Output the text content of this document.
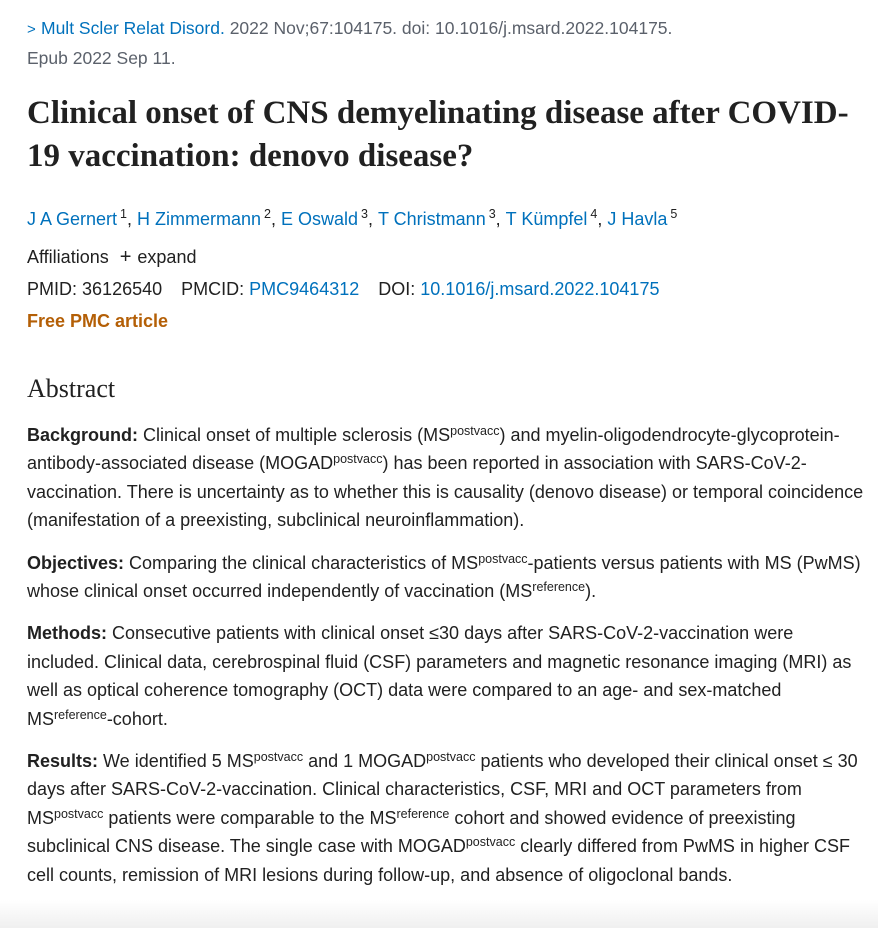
> Mult Scler Relat Disord. 2022 Nov;67:104175. doi: 10.1016/j.msard.2022.104175.
Epub 2022 Sep 11.
Clinical onset of CNS demyelinating disease after COVID-19 vaccination: denovo disease?
J A Gernert $^1$, H Zimmermann $^2$, E Oswald $^3$, T Christmann $^3$, T Kümpfel $^4$, J Havla $^5$
Affiliations + expand
PMID: 36126540 PMCID: PMC9464312 DOI: 10.1016/j.msard.2022.104175
Free PMC article
Abstract

Background: Clinical onset of multiple sclerosis $(MS^{postvacc})$ and myelin-oligodendrocyte-glycoprotein-antibody-associated disease $(MOGAD^{postvacc})$ has been reported in association with SARS-CoV-2-vaccination. There is uncertainty as to whether this is causality (denovo disease) or temporal coincidence (manifestation of a preexisting, subclinical neuroinflammation).

Objectives: Comparing the clinical characteristics of $MS^{postvacc}$-patients versus patients with MS (PwMS) whose clinical onset occurred independently of vaccination $(MS^{reference})$.

Methods: Consecutive patients with clinical onset ≤30 days after SARS-CoV-2-vaccination were included. Clinical data, cerebrospinal fluid (CSF) parameters and magnetic resonance imaging (MRI) as well as optical coherence tomography (OCT) data were compared to an age- and sex-matched $MS^{reference}$-cohort.

Results: We identified 5 $MS^{postvacc}$ and 1 $MOGAD^{postvacc}$ patients who developed their clinical onset ≤ 30 days after SARS-CoV-2-vaccination. Clinical characteristics, CSF, MRI and OCT parameters from $MS^{postvacc}$ patients were comparable to the $MS^{reference}$ cohort and showed evidence of preexisting subclinical CNS disease. The single case with $MOGAD^{postvacc}$ clearly differed from PwMS in higher CSF cell counts, remission of MRI lesions during follow-up, and absence of oligoclonal bands.
